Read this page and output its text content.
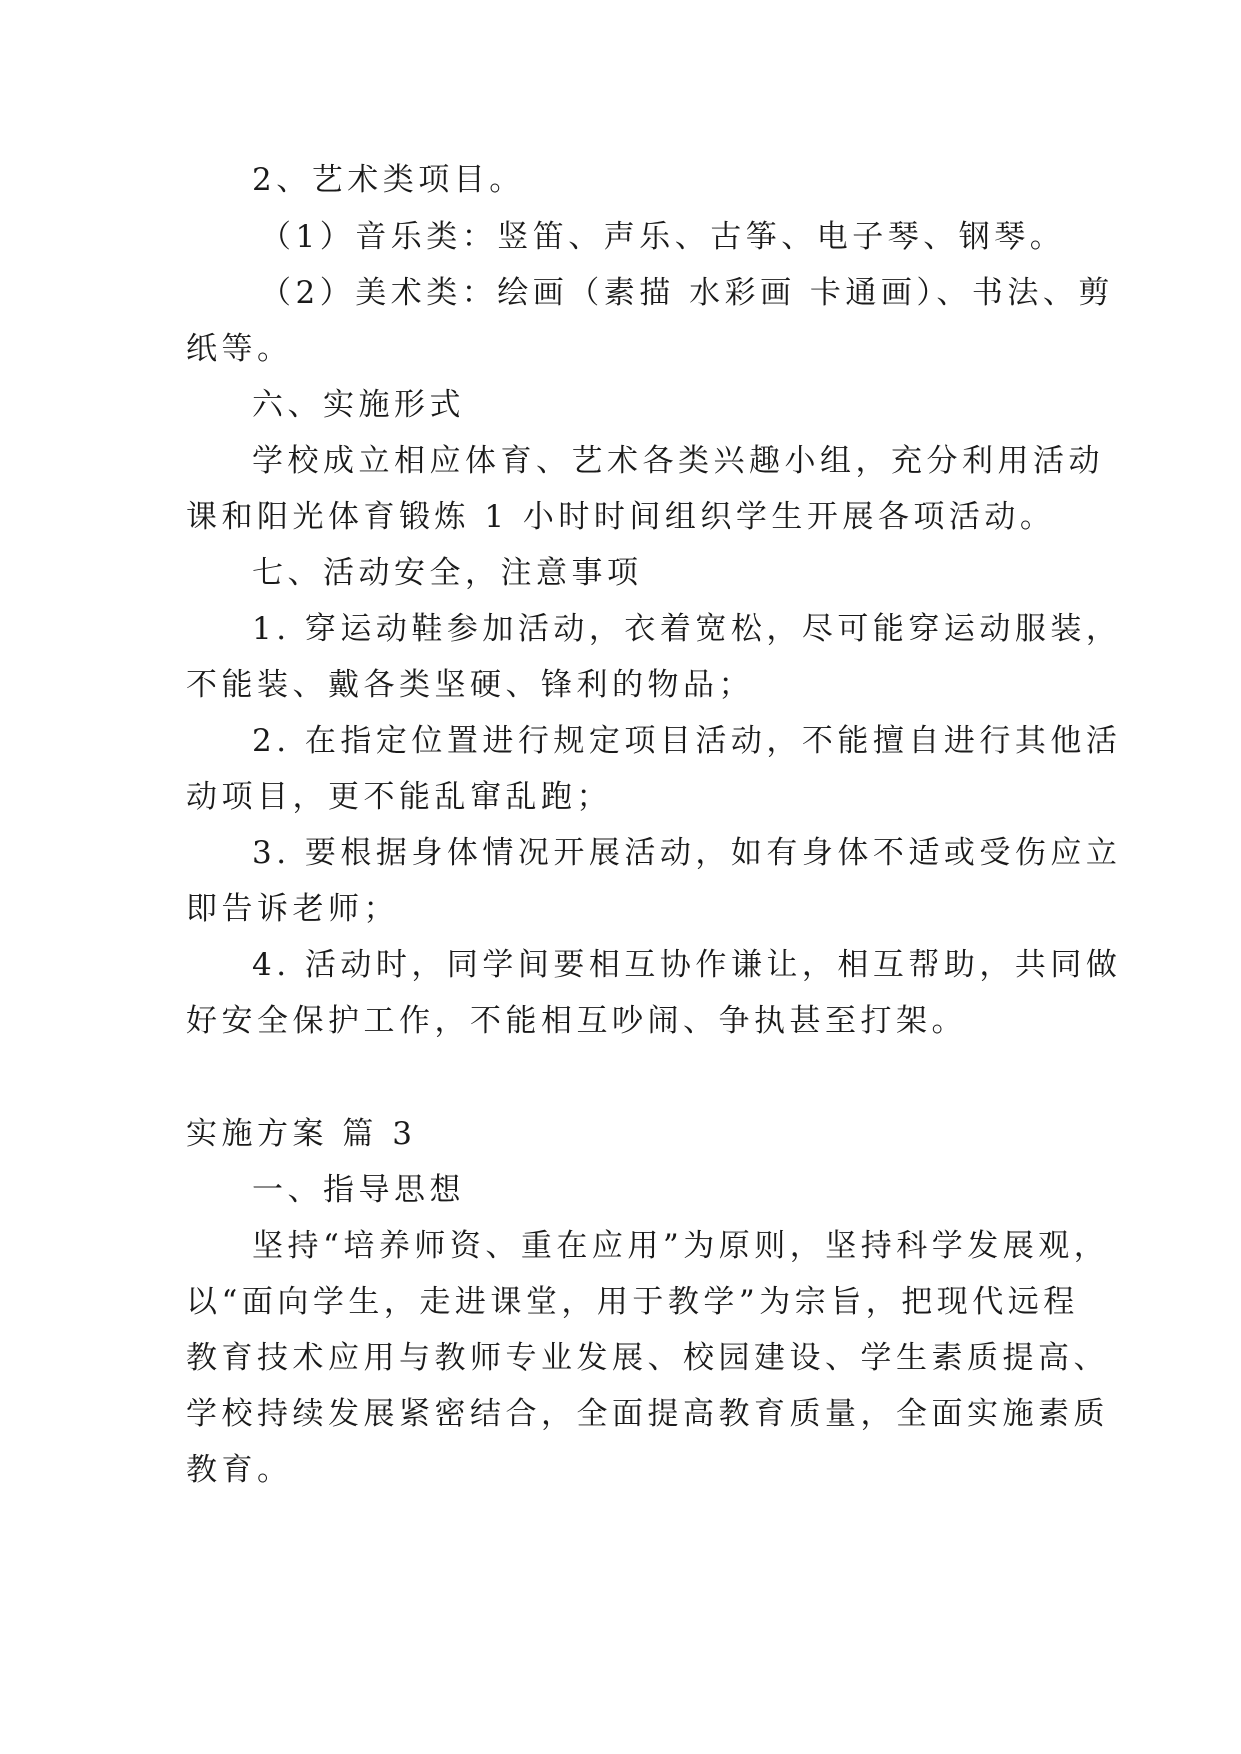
2、艺术类项目。
（1）音乐类：竖笛、声乐、古筝、电子琴、钢琴。
（2）美术类：绘画（素描 水彩画 卡通画）、书法、剪
纸等。
六、实施形式
学校成立相应体育、艺术各类兴趣小组，充分利用活动
课和阳光体育锻炼 1 小时时间组织学生开展各项活动。
七、活动安全，注意事项
1. 穿运动鞋参加活动，衣着宽松，尽可能穿运动服装，
不能装、戴各类坚硬、锋利的物品；
2. 在指定位置进行规定项目活动，不能擅自进行其他活
动项目，更不能乱窜乱跑；
3. 要根据身体情况开展活动，如有身体不适或受伤应立
即告诉老师；
4. 活动时，同学间要相互协作谦让，相互帮助，共同做
好安全保护工作，不能相互吵闹、争执甚至打架。
实施方案 篇 3
一、指导思想
坚持“培养师资、重在应用”为原则，坚持科学发展观，
以“面向学生，走进课堂，用于教学”为宗旨，把现代远程
教育技术应用与教师专业发展、校园建设、学生素质提高、
学校持续发展紧密结合，全面提高教育质量，全面实施素质
教育。
